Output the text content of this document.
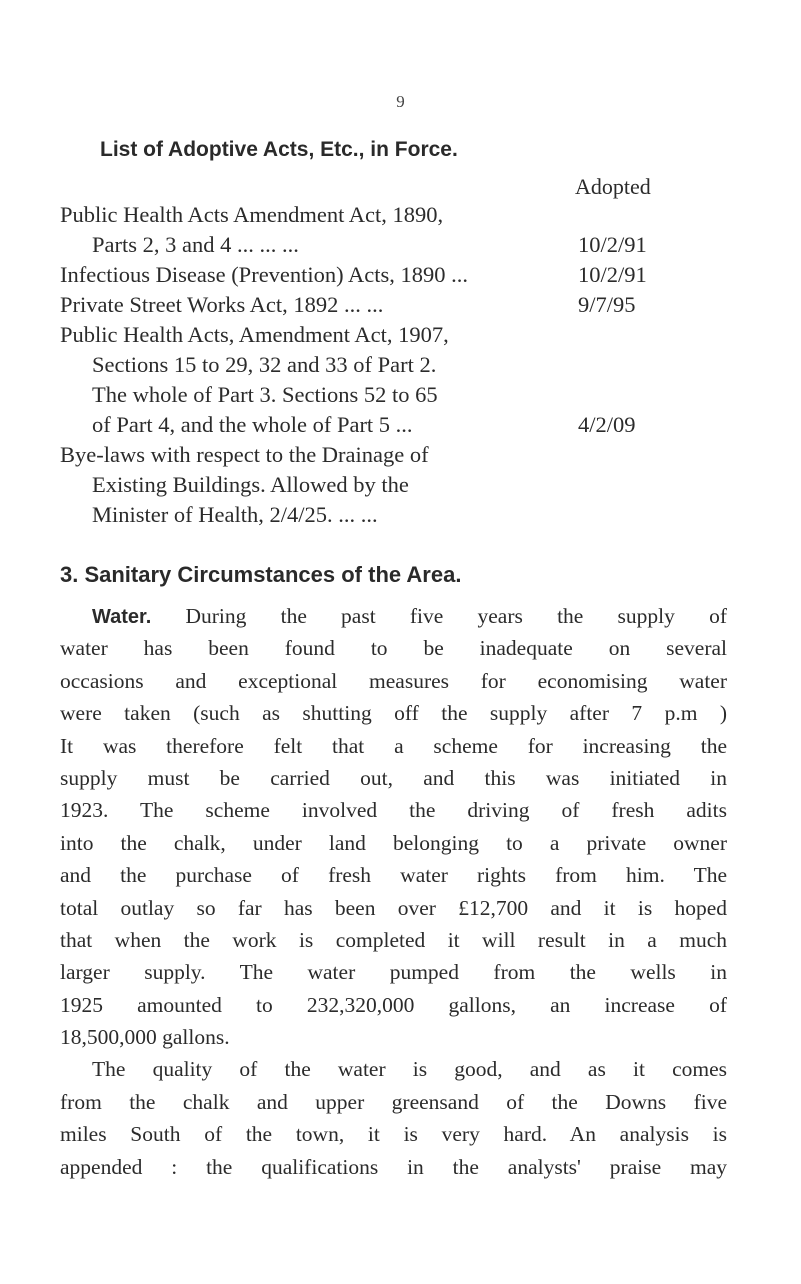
9
List of Adoptive Acts, Etc., in Force.
Adopted
Public Health Acts Amendment Act, 1890,
Parts 2, 3 and 4 ... ... ...	10/2/91
Infectious Disease (Prevention) Acts, 1890 ...	10/2/91
Private Street Works Act, 1892 ... ...	9/7/95
Public Health Acts, Amendment Act, 1907,
Sections 15 to 29, 32 and 33 of Part 2.
The whole of Part 3. Sections 52 to 65
of Part 4, and the whole of Part 5 ...	4/2/09
Bye-laws with respect to the Drainage of
Existing Buildings. Allowed by the
Minister of Health, 2/4/25. ... ...
3. Sanitary Circumstances of the Area.
Water. During the past five years the supply of
water has been found to be inadequate on several
occasions and exceptional measures for economising water
were taken (such as shutting off the supply after 7 p.m )
It was therefore felt that a scheme for increasing the
supply must be carried out, and this was initiated in
1923. The scheme involved the driving of fresh adits
into the chalk, under land belonging to a private owner
and the purchase of fresh water rights from him. The
total outlay so far has been over £12,700 and it is hoped
that when the work is completed it will result in a much
larger supply. The water pumped from the wells in
1925 amounted to 232,320,000 gallons, an increase of
18,500,000 gallons.
The quality of the water is good, and as it comes
from the chalk and upper greensand of the Downs five
miles South of the town, it is very hard. An analysis is
appended : the qualifications in the analysts' praise may
